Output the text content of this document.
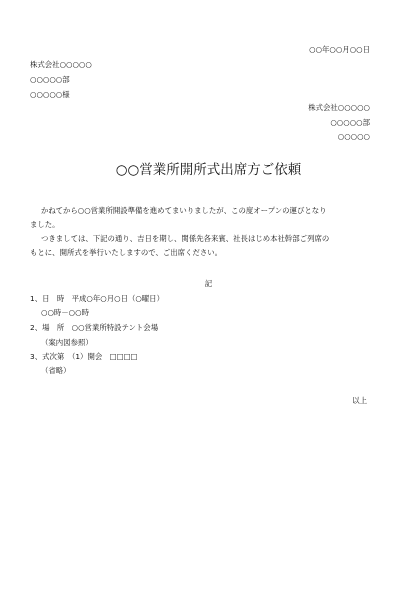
○○年○○月○○日
株式会社○○○○○
○○○○○部
○○○○○様
株式会社○○○○○
○○○○○部
○○○○○
○○営業所開所式出席方ご依頼
かねてから○○営業所開設準備を進めてまいりましたが、この度オープンの運びとなり
ました。
つきましては、下記の通り、吉日を期し、関係先各来賓、社長はじめ本社幹部ご列席の
もとに、開所式を挙行いたしますので、ご出席ください。
記
1、日　時　平成○年○月○日（○曜日）
○○時－○○時
2、場　所　○○営業所特設テント会場
（案内図参照）
3、式次第　（1）開会　□□□□
（省略）
以上
